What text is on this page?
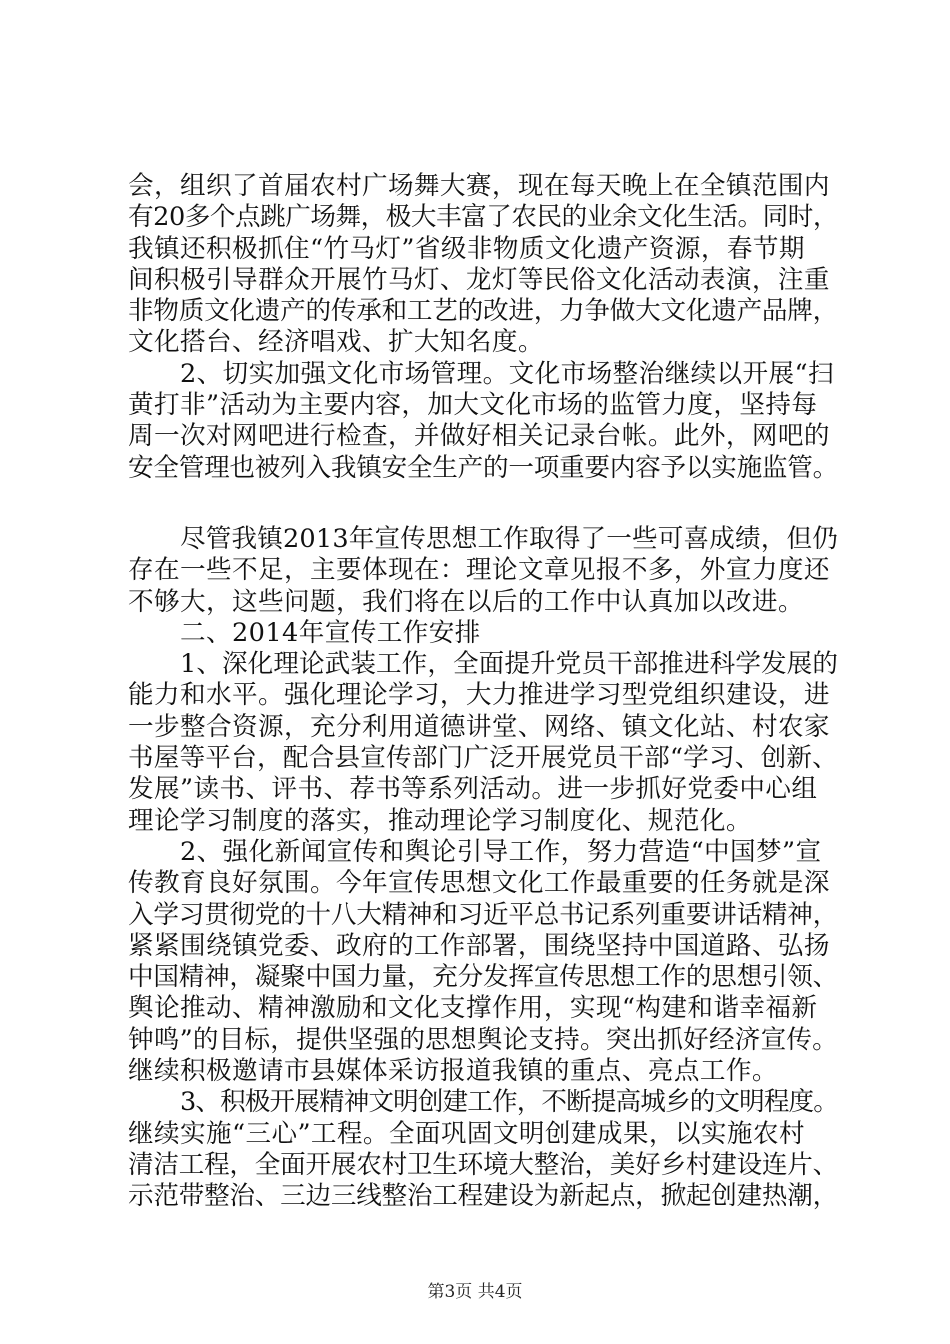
会，组织了首届农村广场舞大赛，现在每天晚上在全镇范围内
有20多个点跳广场舞，极大丰富了农民的业余文化生活。同时，
我镇还积极抓住“竹马灯”省级非物质文化遗产资源，春节期
间积极引导群众开展竹马灯、龙灯等民俗文化活动表演，注重
非物质文化遗产的传承和工艺的改进，力争做大文化遗产品牌，
文化搭台、经济唱戏、扩大知名度。
2、切实加强文化市场管理。文化市场整治继续以开展“扫
黄打非”活动为主要内容，加大文化市场的监管力度，坚持每
周一次对网吧进行检查，并做好相关记录台帐。此外，网吧的
安全管理也被列入我镇安全生产的一项重要内容予以实施监管。
尽管我镇2013年宣传思想工作取得了一些可喜成绩，但仍
存在一些不足，主要体现在：理论文章见报不多，外宣力度还
不够大，这些问题，我们将在以后的工作中认真加以改进。
二、2014年宣传工作安排
1、深化理论武装工作，全面提升党员干部推进科学发展的
能力和水平。强化理论学习，大力推进学习型党组织建设，进
一步整合资源，充分利用道德讲堂、网络、镇文化站、村农家
书屋等平台，配合县宣传部门广泛开展党员干部“学习、创新、
发展”读书、评书、荐书等系列活动。进一步抓好党委中心组
理论学习制度的落实，推动理论学习制度化、规范化。
2、强化新闻宣传和舆论引导工作，努力营造“中国梦”宣
传教育良好氛围。今年宣传思想文化工作最重要的任务就是深
入学习贯彻党的十八大精神和习近平总书记系列重要讲话精神，
紧紧围绕镇党委、政府的工作部署，围绕坚持中国道路、弘扬
中国精神，凝聚中国力量，充分发挥宣传思想工作的思想引领、
舆论推动、精神激励和文化支撑作用，实现“构建和谐幸福新
钟鸣”的目标，提供坚强的思想舆论支持。突出抓好经济宣传。
继续积极邀请市县媒体采访报道我镇的重点、亮点工作。
3、积极开展精神文明创建工作，不断提高城乡的文明程度。
继续实施“三心”工程。全面巩固文明创建成果，以实施农村
清洁工程，全面开展农村卫生环境大整治，美好乡村建设连片、
示范带整治、三边三线整治工程建设为新起点，掀起创建热潮，
第3页 共4页
